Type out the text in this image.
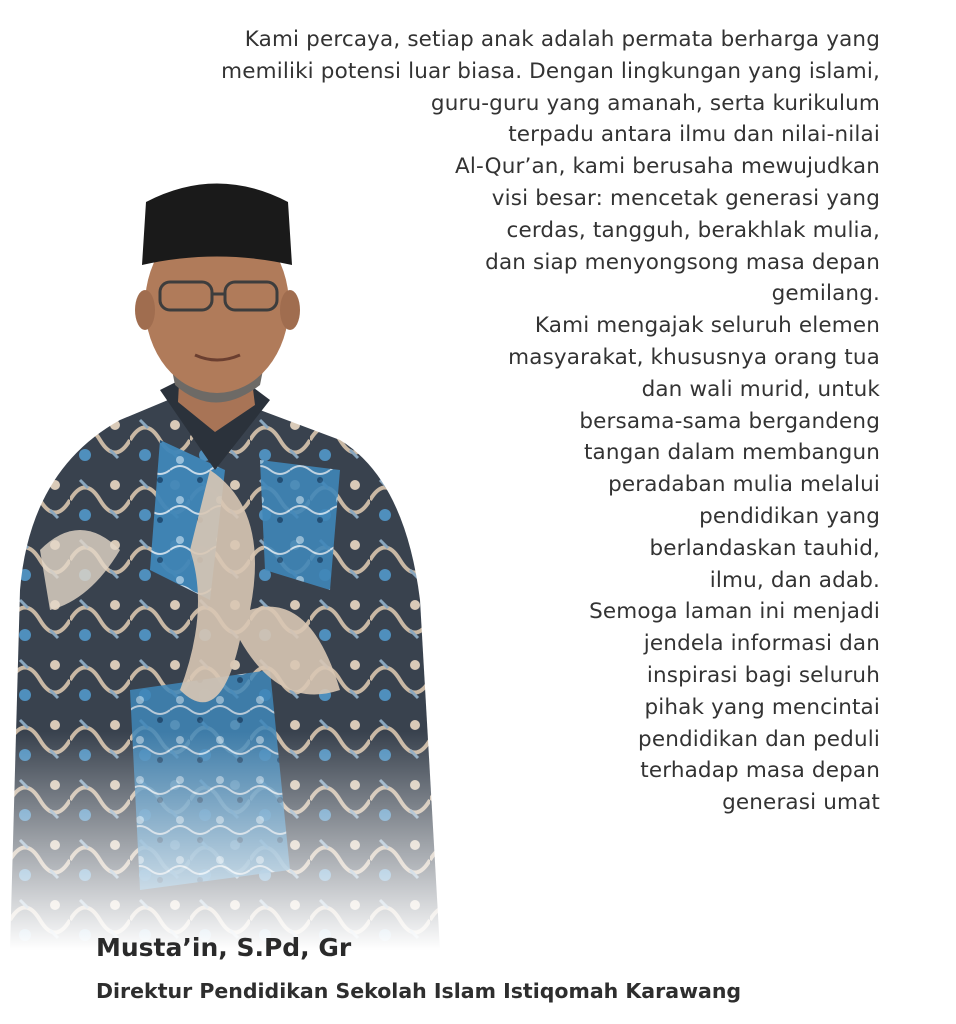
Kami percaya, setiap anak adalah permata berharga yang
memiliki potensi luar biasa. Dengan lingkungan yang islami,
guru-guru yang amanah, serta kurikulum
terpadu antara ilmu dan nilai-nilai
Al-Qur’an, kami berusaha mewujudkan
visi besar: mencetak generasi yang
cerdas, tangguh, berakhlak mulia,
dan siap menyongsong masa depan
gemilang.
Kami mengajak seluruh elemen
masyarakat, khususnya orang tua
dan wali murid, untuk
bersama-sama bergandeng
tangan dalam membangun
peradaban mulia melalui
pendidikan yang
berlandaskan tauhid,
ilmu, dan adab.
Semoga laman ini menjadi
jendela informasi dan
inspirasi bagi seluruh
pihak yang mencintai
pendidikan dan peduli
terhadap masa depan
generasi umat

Musta’in, S.Pd, Gr
Direktur Pendidikan Sekolah Islam Istiqomah Karawang
